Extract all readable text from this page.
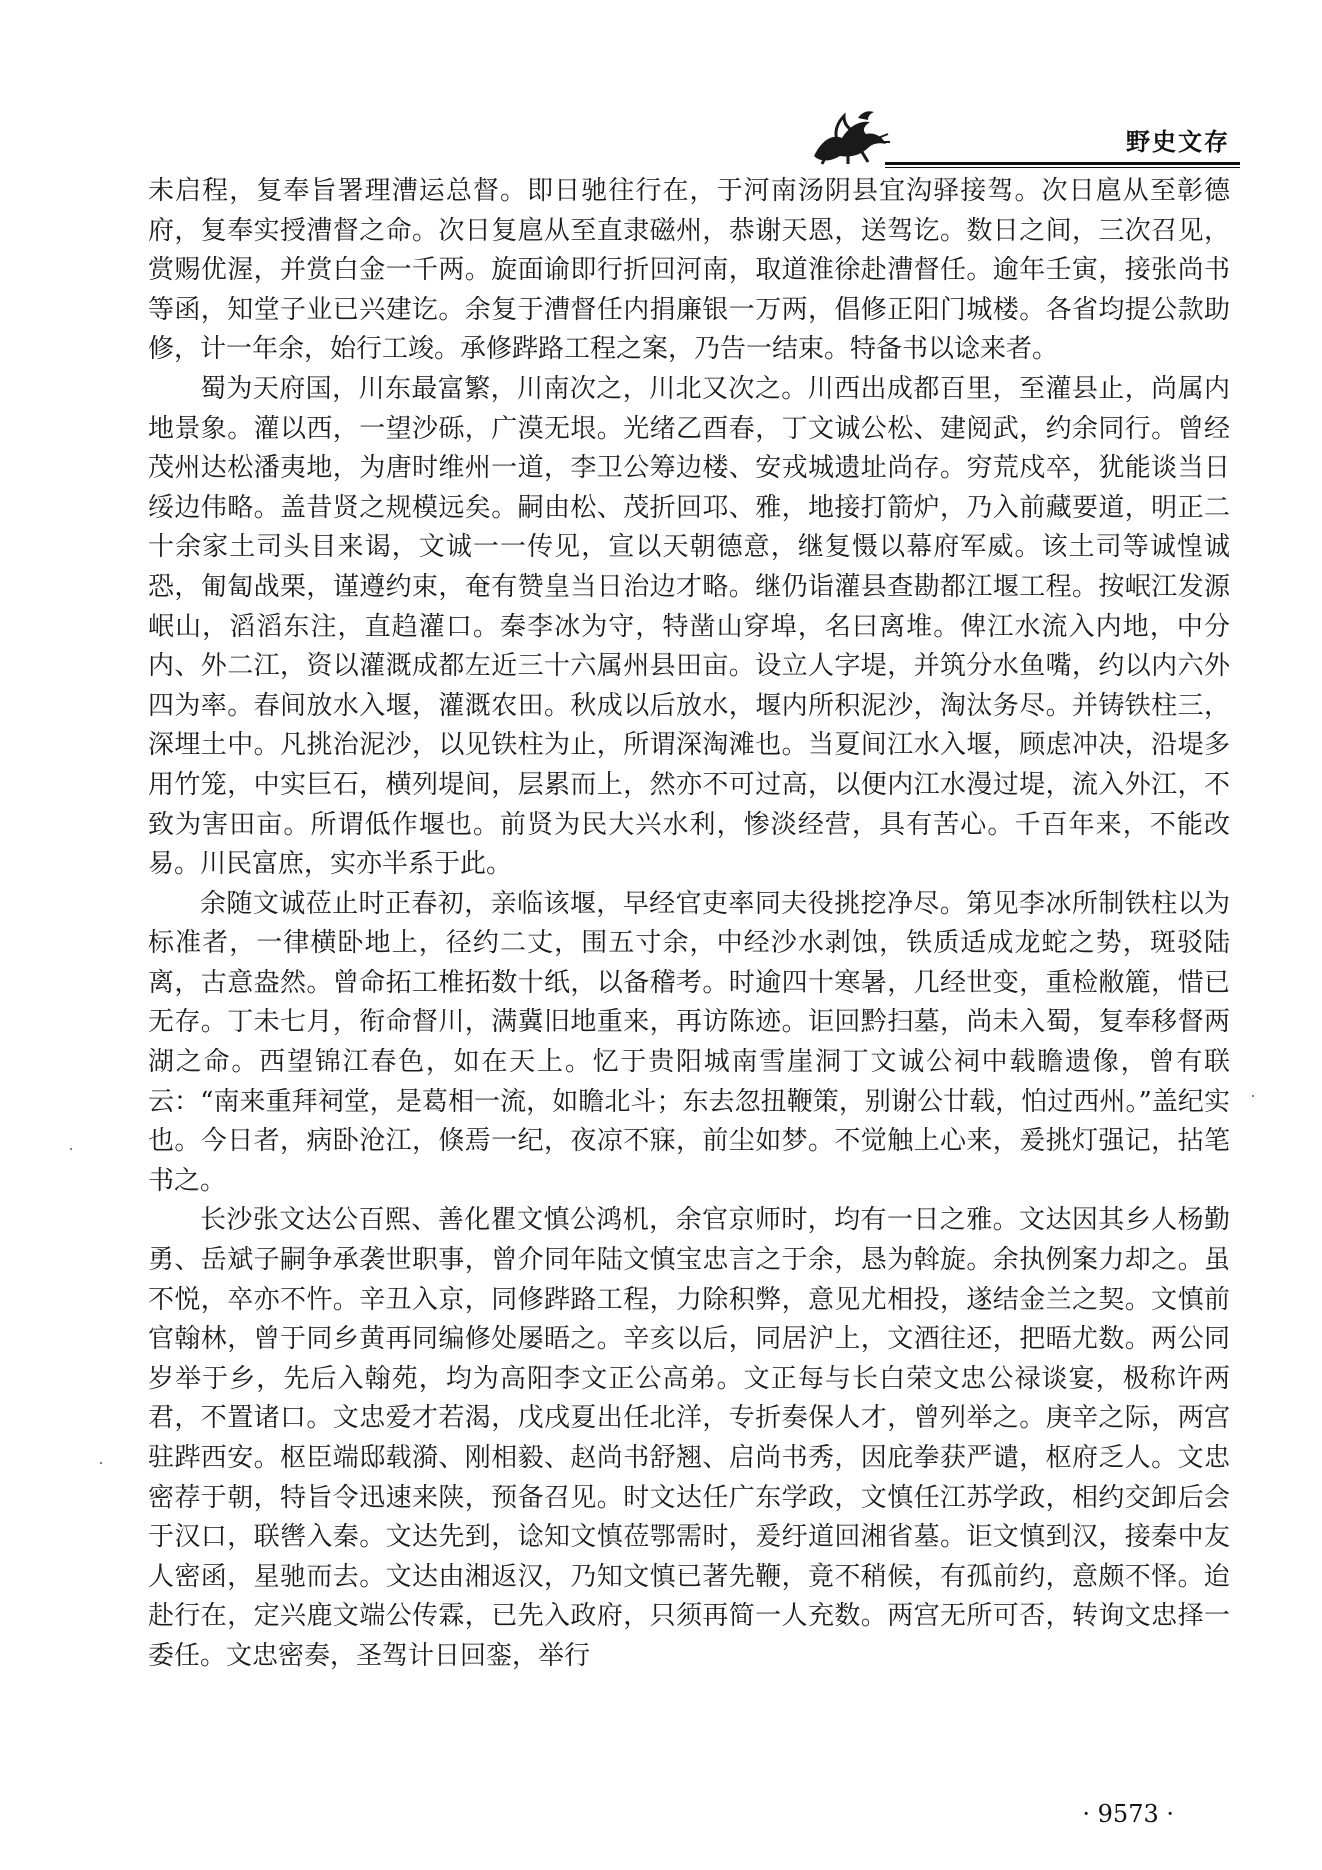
野史文存

未启程，复奉旨署理漕运总督。即日驰往行在，于河南汤阴县宜沟驿接驾。次日扈从至彰德府，复奉实授漕督之命。次日复扈从至直隶磁州，恭谢天恩，送驾讫。数日之间，三次召见，赏赐优渥，并赏白金一千两。旋面谕即行折回河南，取道淮徐赴漕督任。逾年壬寅，接张尚书等函，知堂子业已兴建讫。余复于漕督任内捐廉银一万两，倡修正阳门城楼。各省均提公款助修，计一年余，始行工竣。承修跸路工程之案，乃告一结束。特备书以谂来者。

蜀为天府国，川东最富繁，川南次之，川北又次之。川西出成都百里，至灌县止，尚属内地景象。灌以西，一望沙砾，广漠无垠。光绪乙酉春，丁文诚公松、建阅武，约余同行。曾经茂州达松潘夷地，为唐时维州一道，李卫公筹边楼、安戎城遗址尚存。穷荒戍卒，犹能谈当日绥边伟略。盖昔贤之规模远矣。嗣由松、茂折回邛、雅，地接打箭炉，乃入前藏要道，明正二十余家土司头目来谒，文诚一一传见，宣以天朝德意，继复慑以幕府军威。该土司等诚惶诚恐，匍匐战栗，谨遵约束，奄有赞皇当日治边才略。继仍诣灌县查勘都江堰工程。按岷江发源岷山，滔滔东注，直趋灌口。秦李冰为守，特凿山穿埠，名曰离堆。俾江水流入内地，中分内、外二江，资以灌溉成都左近三十六属州县田亩。设立人字堤，并筑分水鱼嘴，约以内六外四为率。春间放水入堰，灌溉农田。秋成以后放水，堰内所积泥沙，淘汰务尽。并铸铁柱三，深埋土中。凡挑治泥沙，以见铁柱为止，所谓深淘滩也。当夏间江水入堰，顾虑冲决，沿堤多用竹笼，中实巨石，横列堤间，层累而上，然亦不可过高，以便内江水漫过堤，流入外江，不致为害田亩。所谓低作堰也。前贤为民大兴水利，惨淡经营，具有苦心。千百年来，不能改易。川民富庶，实亦半系于此。

余随文诚莅止时正春初，亲临该堰，早经官吏率同夫役挑挖净尽。第见李冰所制铁柱以为标准者，一律横卧地上，径约二丈，围五寸余，中经沙水剥蚀，铁质适成龙蛇之势，斑驳陆离，古意盎然。曾命拓工椎拓数十纸，以备稽考。时逾四十寒暑，几经世变，重检敝簏，惜已无存。丁未七月，衔命督川，满冀旧地重来，再访陈迹。讵回黔扫墓，尚未入蜀，复奉移督两湖之命。西望锦江春色，如在天上。忆于贵阳城南雪崖洞丁文诚公祠中载瞻遗像，曾有联云：“南来重拜祠堂，是葛相一流，如瞻北斗；东去忽扭鞭策，别谢公廿载，怕过西州。”盖纪实也。今日者，病卧沧江，倏焉一纪，夜凉不寐，前尘如梦。不觉触上心来，爰挑灯强记，拈笔书之。

长沙张文达公百熙、善化瞿文慎公鸿机，余官京师时，均有一日之雅。文达因其乡人杨勤勇、岳斌子嗣争承袭世职事，曾介同年陆文慎宝忠言之于余，恳为斡旋。余执例案力却之。虽不悦，卒亦不忤。辛丑入京，同修跸路工程，力除积弊，意见尤相投，遂结金兰之契。文慎前官翰林，曾于同乡黄再同编修处屡晤之。辛亥以后，同居沪上，文酒往还，把晤尤数。两公同岁举于乡，先后入翰苑，均为高阳李文正公高弟。文正每与长白荣文忠公禄谈宴，极称许两君，不置诸口。文忠爱才若渴，戊戌夏出任北洋，专折奏保人才，曾列举之。庚辛之际，两宫驻跸西安。枢臣端邸载漪、刚相毅、赵尚书舒翘、启尚书秀，因庇拳获严谴，枢府乏人。文忠密荐于朝，特旨令迅速来陕，预备召见。时文达任广东学政，文慎任江苏学政，相约交卸后会于汉口，联辔入秦。文达先到，谂知文慎莅鄂需时，爰纡道回湘省墓。讵文慎到汉，接秦中友人密函，星驰而去。文达由湘返汉，乃知文慎已著先鞭，竟不稍候，有孤前约，意颇不怿。迨赴行在，定兴鹿文端公传霖，已先入政府，只须再简一人充数。两宫无所可否，转询文忠择一委任。文忠密奏，圣驾计日回銮，举行

· 9573 ·
